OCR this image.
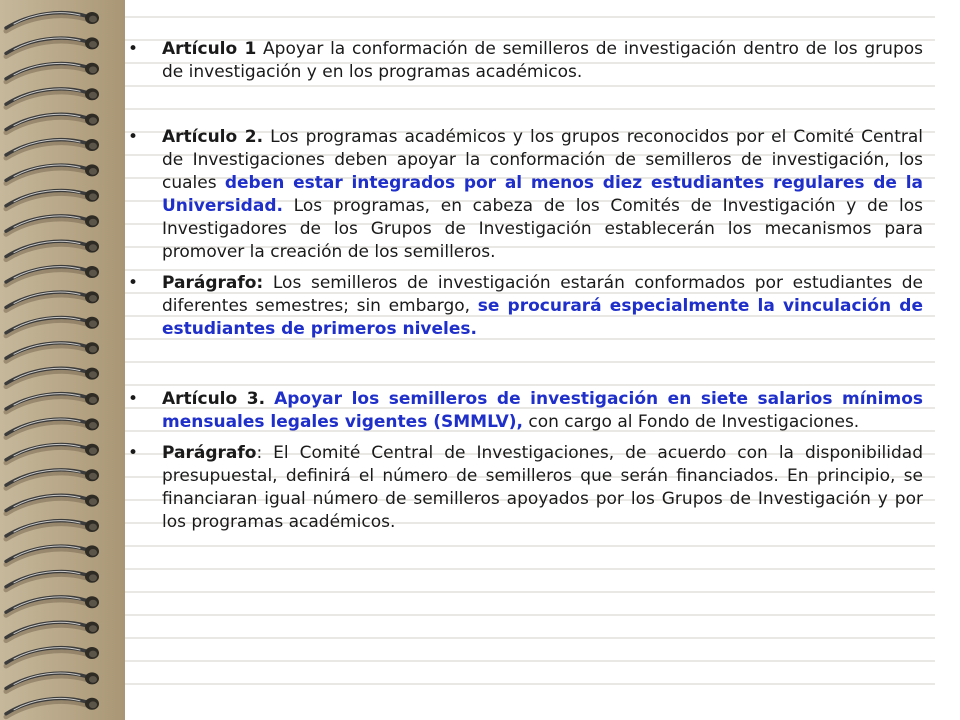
•	Artículo 1 Apoyar la conformación de semilleros de investigación dentro de los grupos de investigación y en los programas académicos.
•	Artículo 2. Los programas académicos y los grupos reconocidos por el Comité Central de Investigaciones deben apoyar la conformación de semilleros de investigación, los cuales deben estar integrados por al menos diez estudiantes regulares de la Universidad. Los programas, en cabeza de los Comités de Investigación y de los Investigadores de los Grupos de Investigación establecerán los mecanismos para promover la creación de los semilleros.
•	Parágrafo: Los semilleros de investigación estarán conformados por estudiantes de diferentes semestres; sin embargo, se procurará especialmente la vinculación de estudiantes de primeros niveles.
•	Artículo 3. Apoyar los semilleros de investigación en siete salarios mínimos mensuales legales vigentes (SMMLV), con cargo al Fondo de Investigaciones.
•	Parágrafo: El Comité Central de Investigaciones, de acuerdo con la disponibilidad presupuestal, definirá el número de semilleros que serán financiados. En principio, se financiaran igual número de semilleros apoyados por los Grupos de Investigación y por los programas académicos.
